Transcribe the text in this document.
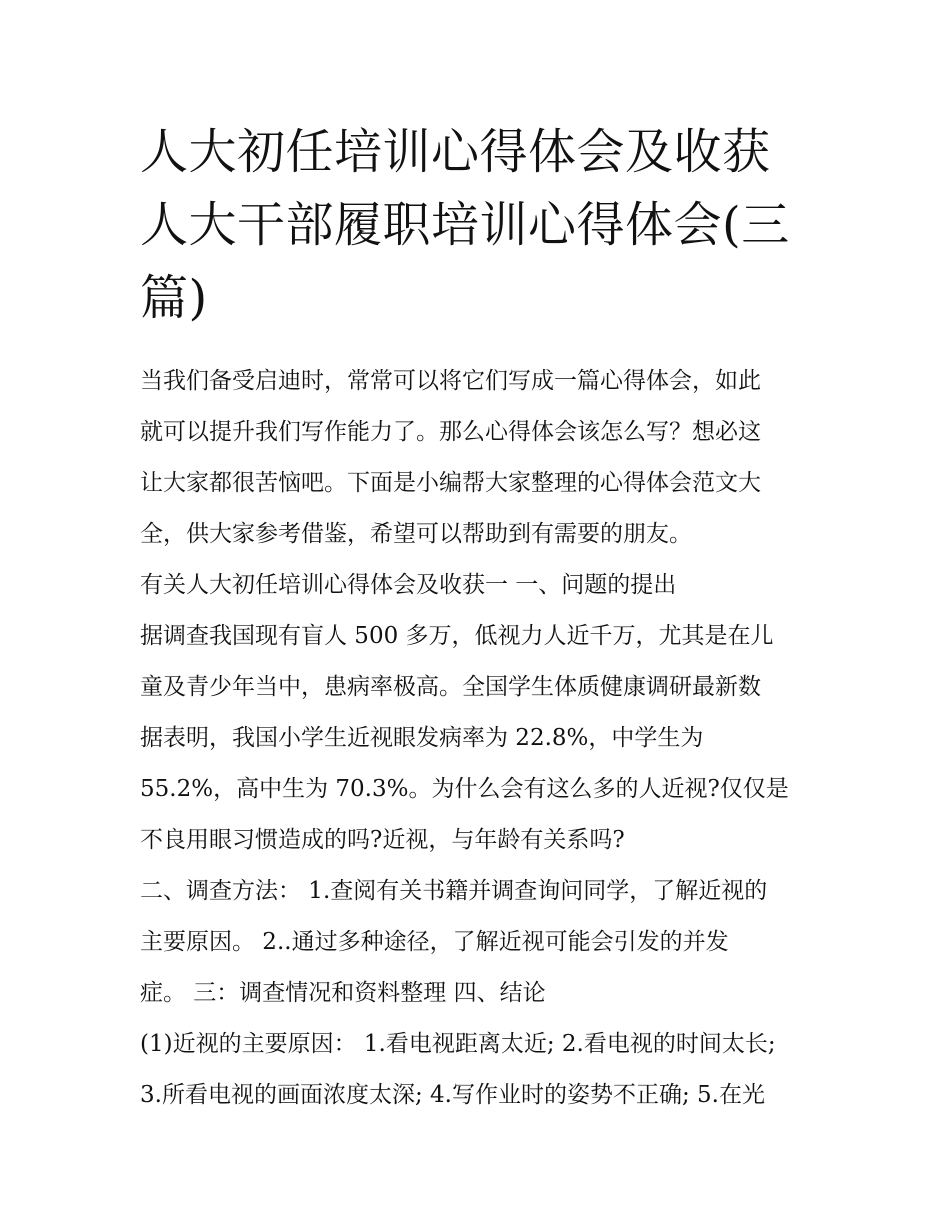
人大初任培训心得体会及收获
人大干部履职培训心得体会(三
篇)
当我们备受启迪时，常常可以将它们写成一篇心得体会，如此
就可以提升我们写作能力了。那么心得体会该怎么写？想必这
让大家都很苦恼吧。下面是小编帮大家整理的心得体会范文大
全，供大家参考借鉴，希望可以帮助到有需要的朋友。
有关人大初任培训心得体会及收获一 一、问题的提出
据调查我国现有盲人 500 多万，低视力人近千万，尤其是在儿
童及青少年当中，患病率极高。全国学生体质健康调研最新数
据表明，我国小学生近视眼发病率为 22.8%，中学生为
55.2%，高中生为 70.3%。为什么会有这么多的人近视?仅仅是
不良用眼习惯造成的吗?近视，与年龄有关系吗?
二、调查方法： 1.查阅有关书籍并调查询问同学，了解近视的
主要原因。 2..通过多种途径，了解近视可能会引发的并发
症。 三：调查情况和资料整理 四、结论
(1)近视的主要原因： 1.看电视距离太近; 2.看电视的时间太长;
3.所看电视的画面浓度太深; 4.写作业时的姿势不正确; 5.在光
